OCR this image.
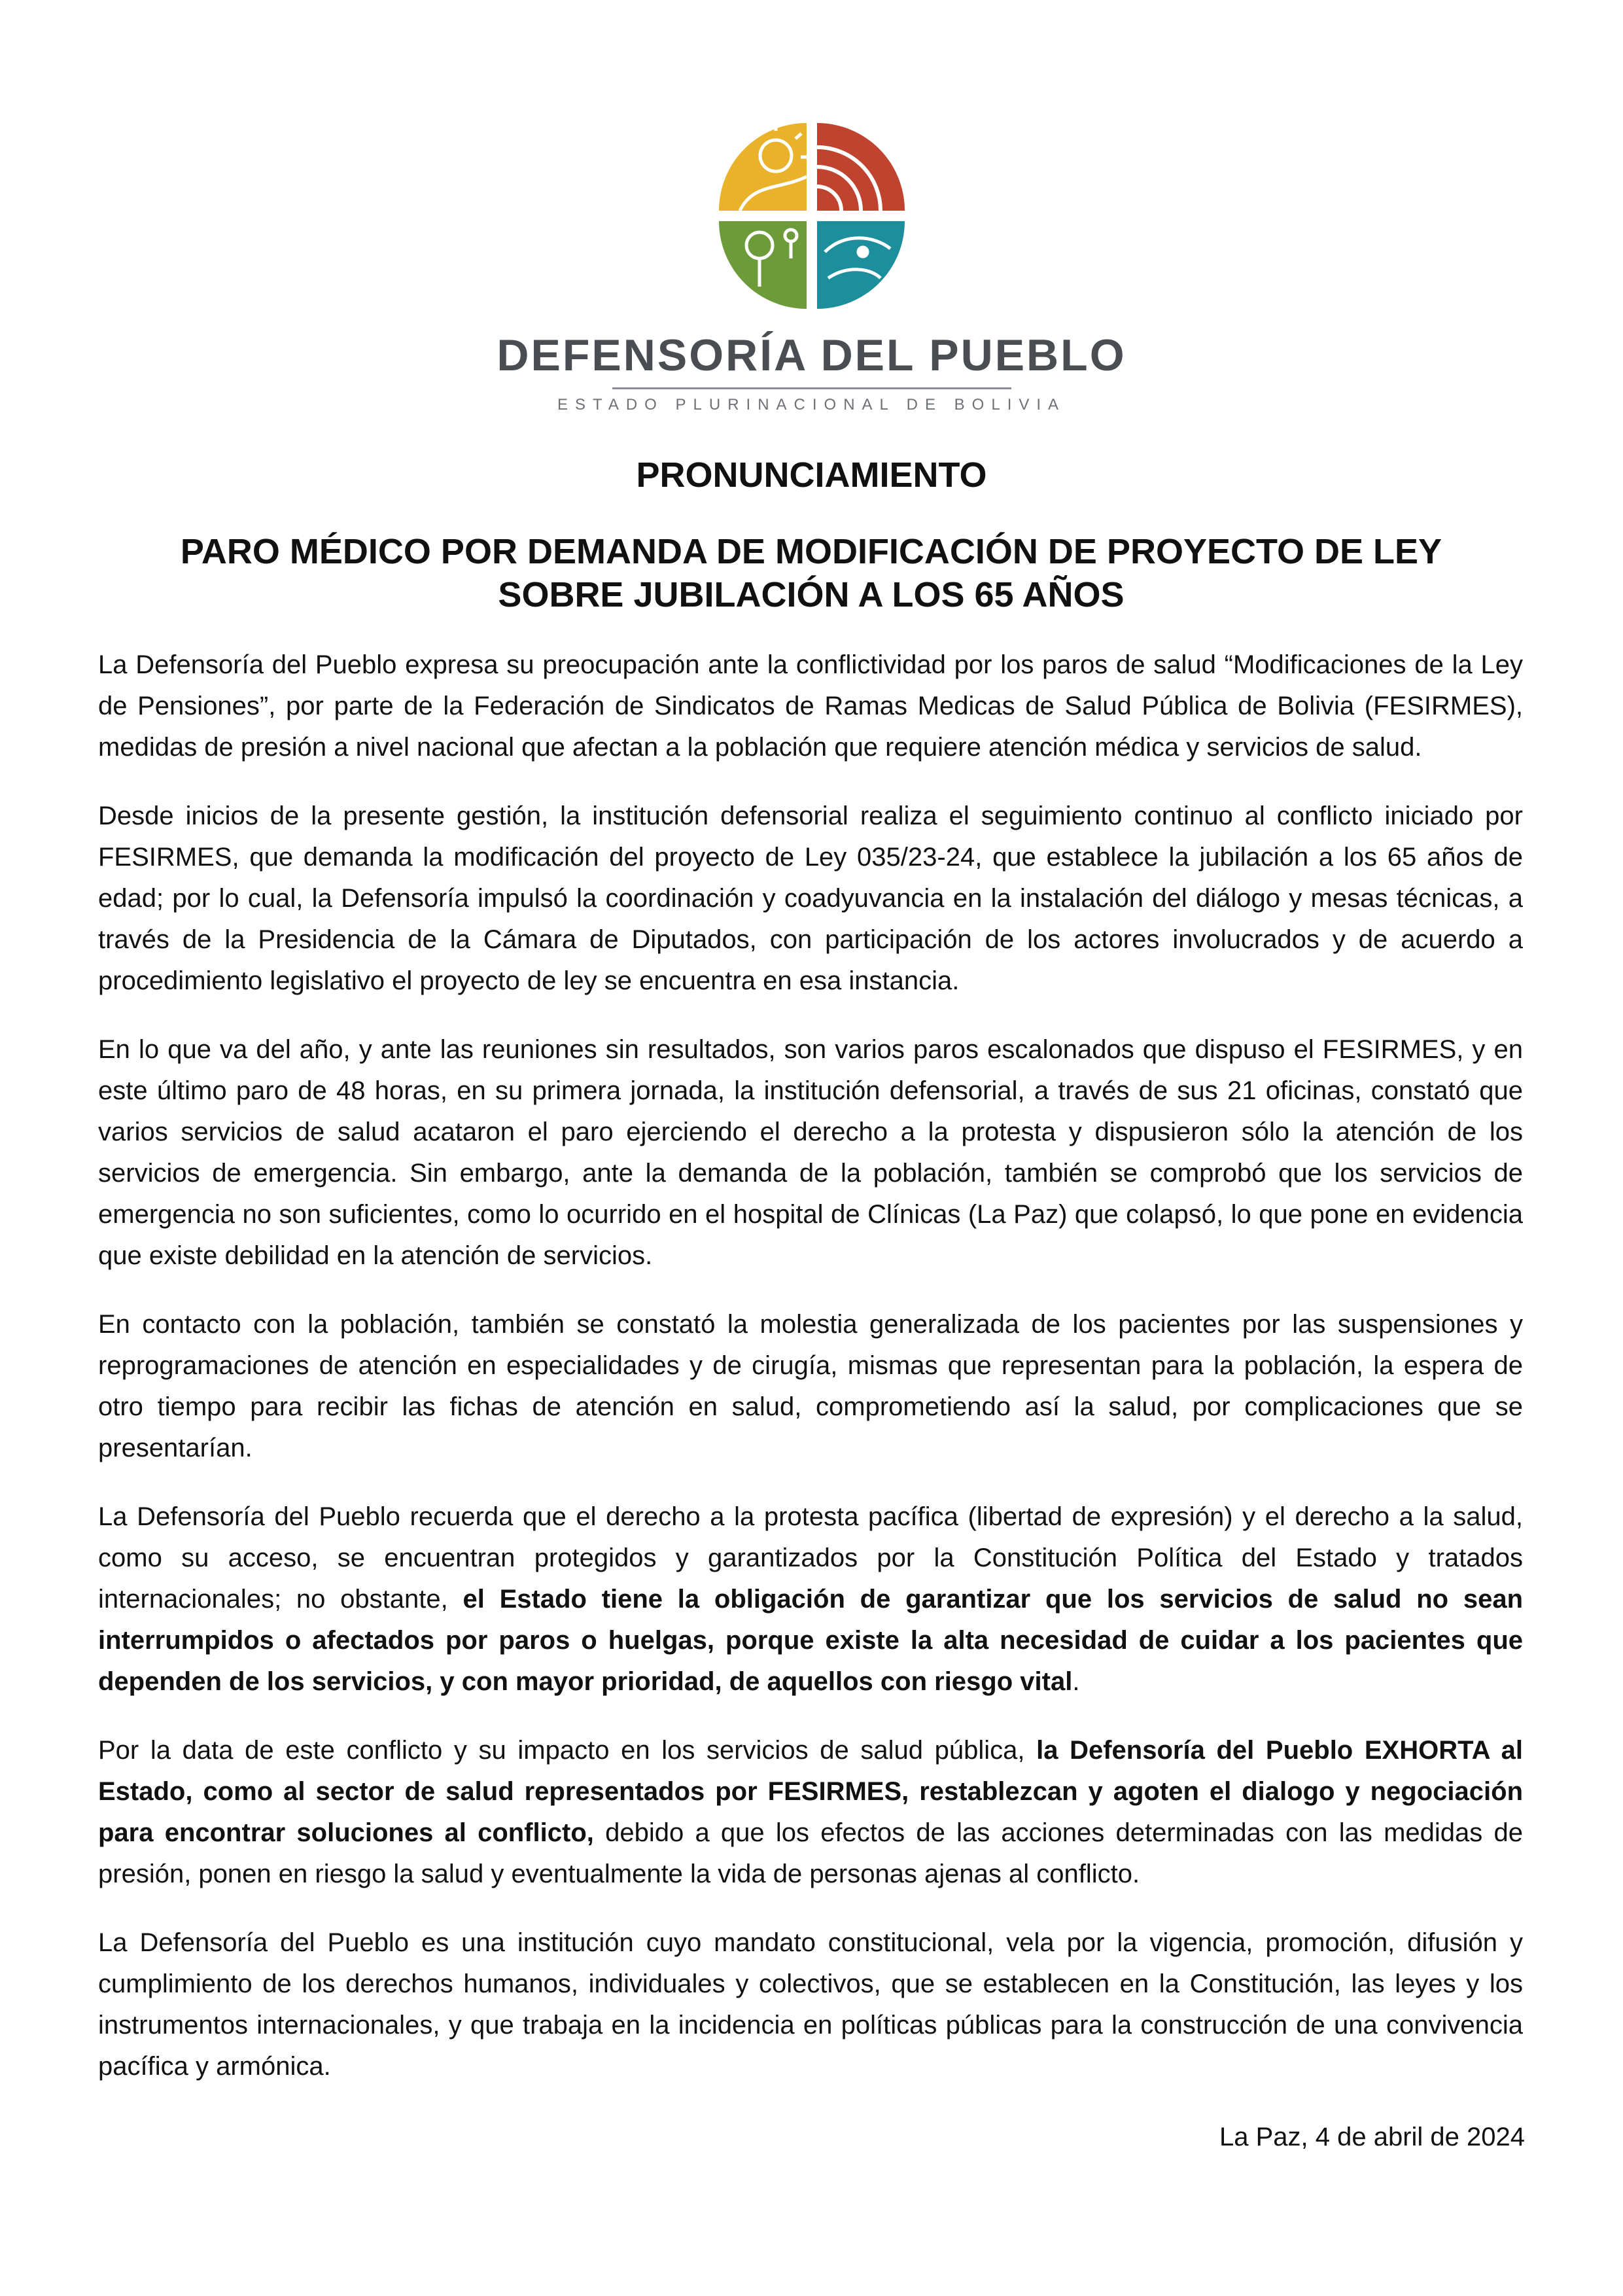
DEFENSORÍA DEL PUEBLO
ESTADO PLURINACIONAL DE BOLIVIA
PRONUNCIAMIENTO
PARO MÉDICO POR DEMANDA DE MODIFICACIÓN DE PROYECTO DE LEY SOBRE JUBILACIÓN A LOS 65 AÑOS

La Defensoría del Pueblo expresa su preocupación ante la conflictividad por los paros de salud “Modificaciones de la Ley de Pensiones”, por parte de la Federación de Sindicatos de Ramas Medicas de Salud Pública de Bolivia (FESIRMES), medidas de presión a nivel nacional que afectan a la población que requiere atención médica y servicios de salud.

Desde inicios de la presente gestión, la institución defensorial realiza el seguimiento continuo al conflicto iniciado por FESIRMES, que demanda la modificación del proyecto de Ley 035/23-24, que establece la jubilación a los 65 años de edad; por lo cual, la Defensoría impulsó la coordinación y coadyuvancia en la instalación del diálogo y mesas técnicas, a través de la Presidencia de la Cámara de Diputados, con participación de los actores involucrados y de acuerdo a procedimiento legislativo el proyecto de ley se encuentra en esa instancia.

En lo que va del año, y ante las reuniones sin resultados, son varios paros escalonados que dispuso el FESIRMES, y en este último paro de 48 horas, en su primera jornada, la institución defensorial, a través de sus 21 oficinas, constató que varios servicios de salud acataron el paro ejerciendo el derecho a la protesta y dispusieron sólo la atención de los servicios de emergencia. Sin embargo, ante la demanda de la población, también se comprobó que los servicios de emergencia no son suficientes, como lo ocurrido en el hospital de Clínicas (La Paz) que colapsó, lo que pone en evidencia que existe debilidad en la atención de servicios.

En contacto con la población, también se constató la molestia generalizada de los pacientes por las suspensiones y reprogramaciones de atención en especialidades y de cirugía, mismas que representan para la población, la espera de otro tiempo para recibir las fichas de atención en salud, comprometiendo así la salud, por complicaciones que se presentarían.

La Defensoría del Pueblo recuerda que el derecho a la protesta pacífica (libertad de expresión) y el derecho a la salud, como su acceso, se encuentran protegidos y garantizados por la Constitución Política del Estado y tratados internacionales; no obstante, el Estado tiene la obligación de garantizar que los servicios de salud no sean interrumpidos o afectados por paros o huelgas, porque existe la alta necesidad de cuidar a los pacientes que dependen de los servicios, y con mayor prioridad, de aquellos con riesgo vital.

Por la data de este conflicto y su impacto en los servicios de salud pública, la Defensoría del Pueblo EXHORTA al Estado, como al sector de salud representados por FESIRMES, restablezcan y agoten el dialogo y negociación para encontrar soluciones al conflicto, debido a que los efectos de las acciones determinadas con las medidas de presión, ponen en riesgo la salud y eventualmente la vida de personas ajenas al conflicto.

La Defensoría del Pueblo es una institución cuyo mandato constitucional, vela por la vigencia, promoción, difusión y cumplimiento de los derechos humanos, individuales y colectivos, que se establecen en la Constitución, las leyes y los instrumentos internacionales, y que trabaja en la incidencia en políticas públicas para la construcción de una convivencia pacífica y armónica.

La Paz, 4 de abril de 2024
